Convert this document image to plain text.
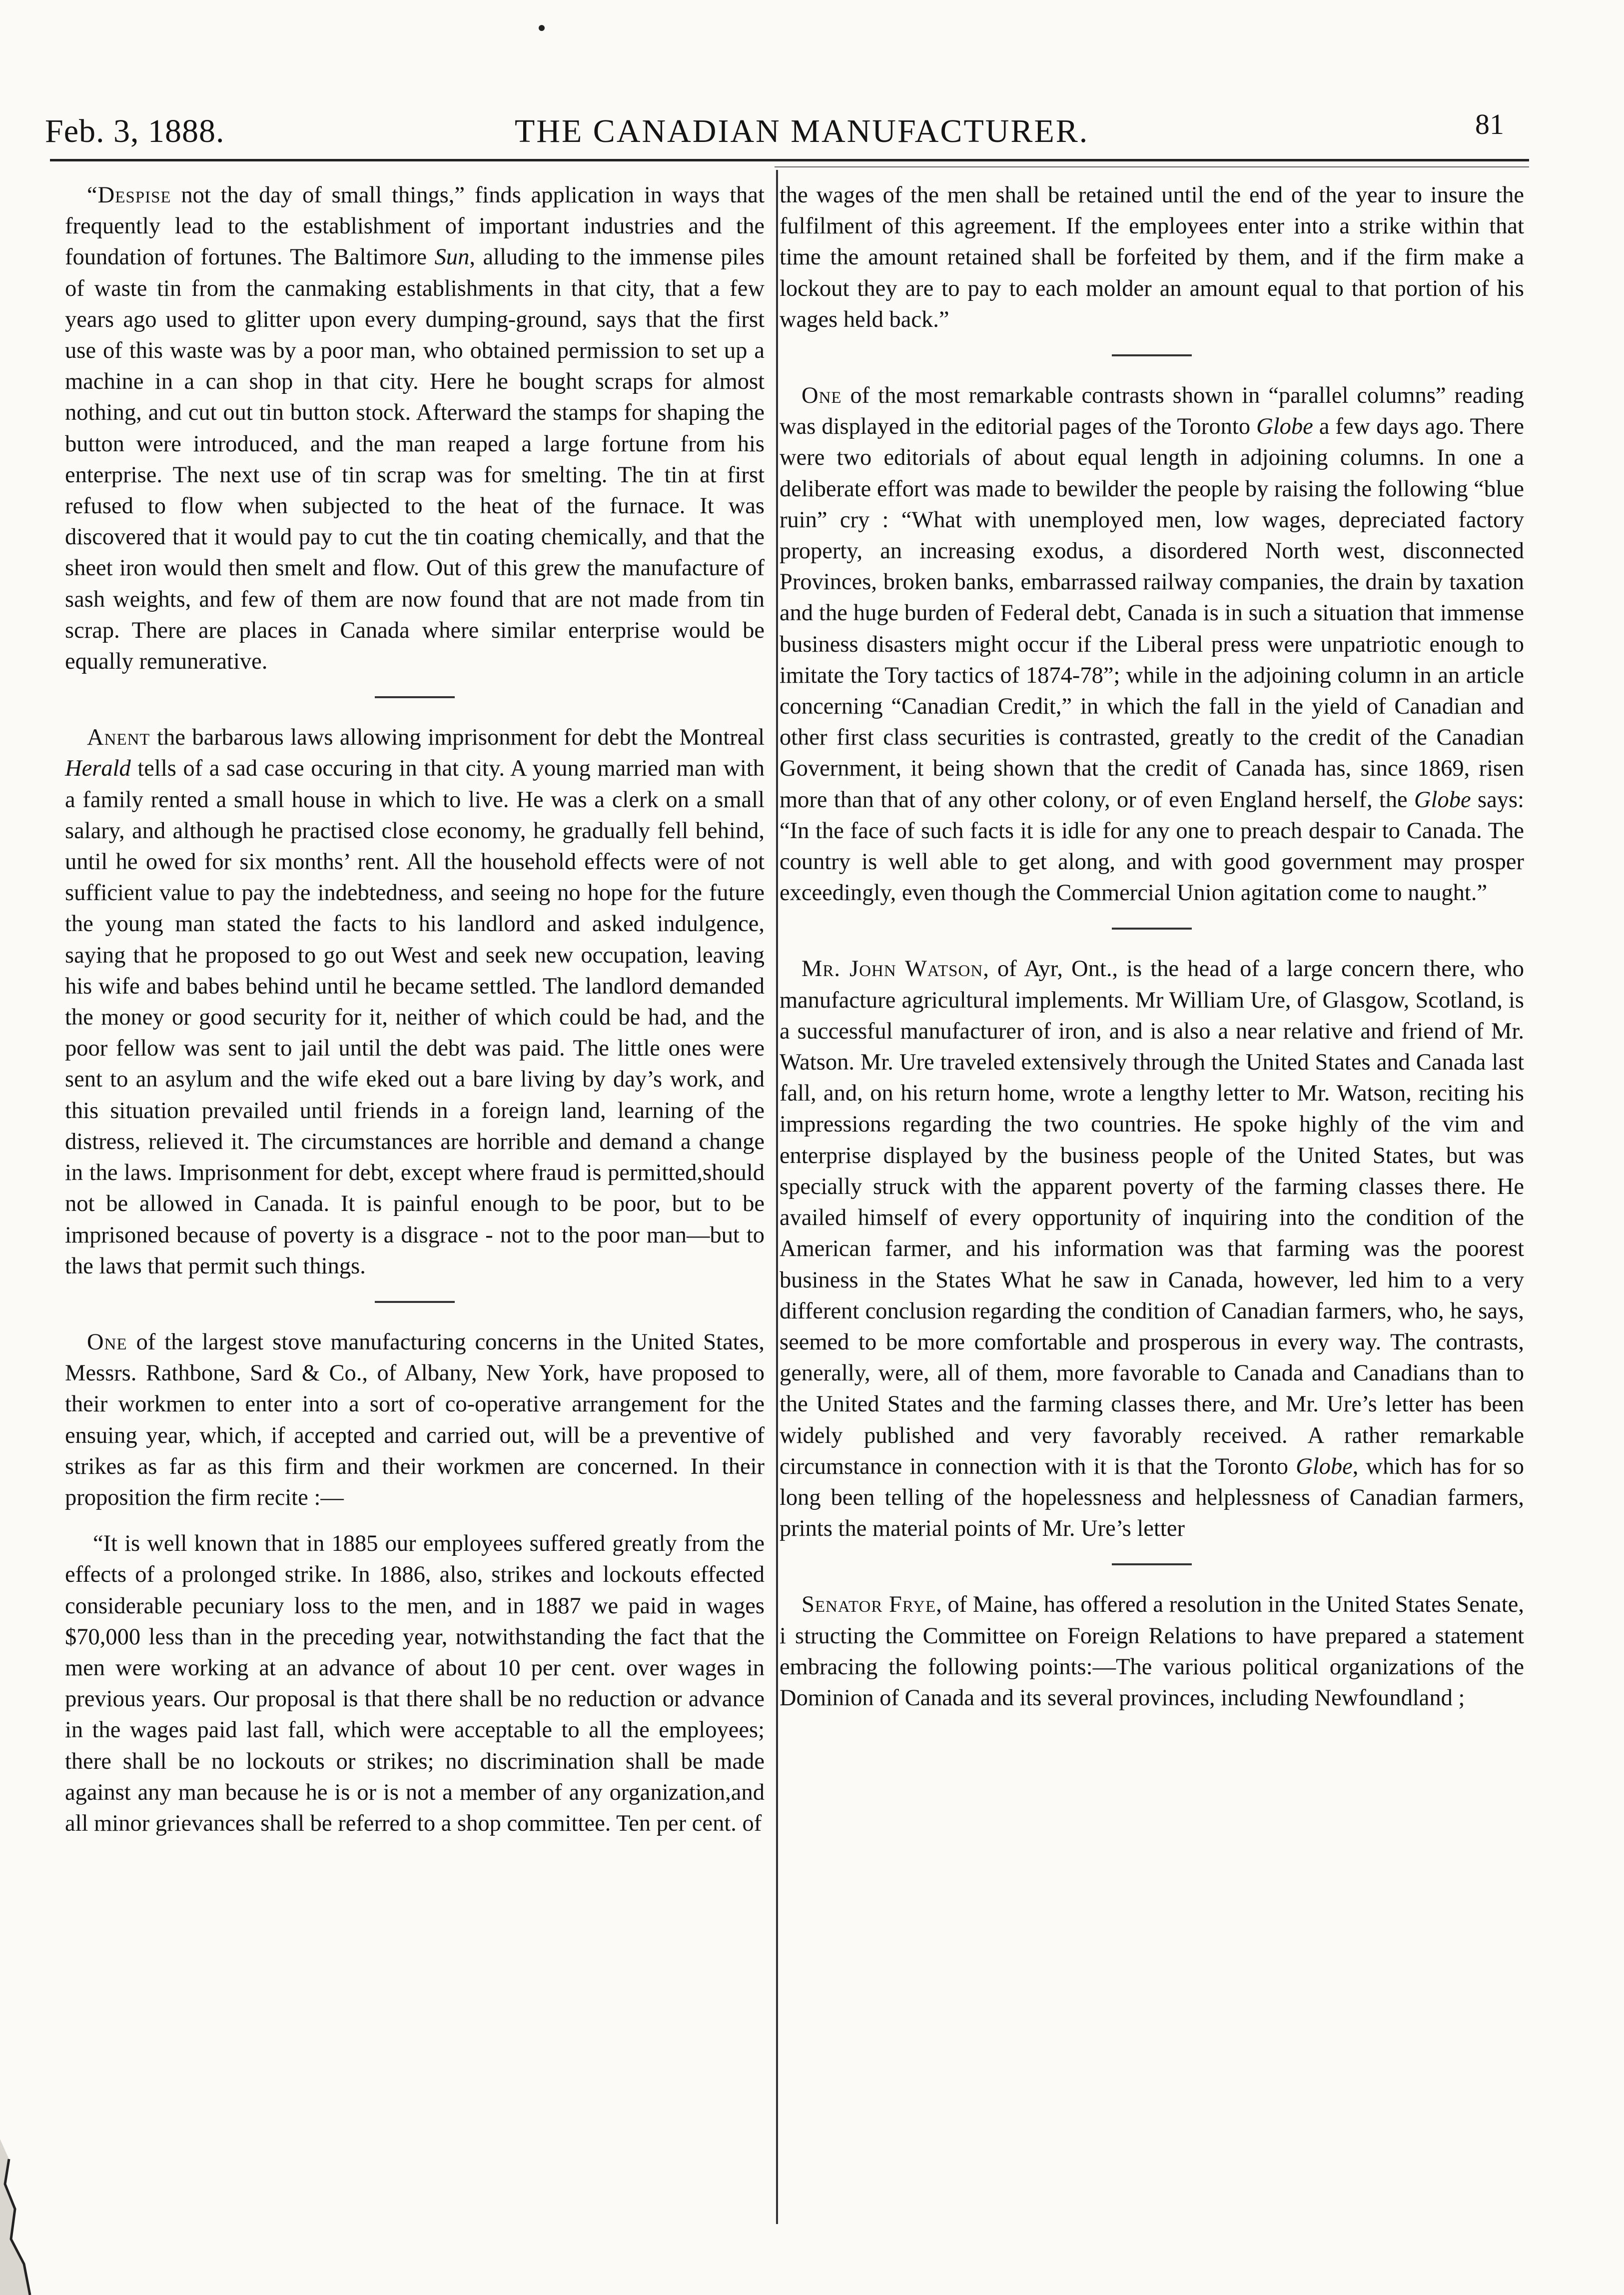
Feb. 3, 1888.	THE CANADIAN MANUFACTURER.	81

“Despise not the day of small things,” finds application in ways that frequently lead to the establishment of important industries and the foundation of fortunes. The Baltimore Sun, alluding to the immense piles of waste tin from the canmaking establishments in that city, that a few years ago used to glitter upon every dumping-ground, says that the first use of this waste was by a poor man, who obtained permission to set up a machine in a can shop in that city. Here he bought scraps for almost nothing, and cut out tin button stock. Afterward the stamps for shaping the button were introduced, and the man reaped a large fortune from his enterprise. The next use of tin scrap was for smelting. The tin at first refused to flow when subjected to the heat of the furnace. It was discovered that it would pay to cut the tin coating chemically, and that the sheet iron would then smelt and flow. Out of this grew the manufacture of sash weights, and few of them are now found that are not made from tin scrap. There are places in Canada where similar enterprise would be equally remunerative.

Anent the barbarous laws allowing imprisonment for debt the Montreal Herald tells of a sad case occuring in that city. A young married man with a family rented a small house in which to live. He was a clerk on a small salary, and although he practised close economy, he gradually fell behind, until he owed for six months’ rent. All the household effects were of not sufficient value to pay the indebtedness, and seeing no hope for the future the young man stated the facts to his landlord and asked indulgence, saying that he proposed to go out West and seek new occupation, leaving his wife and babes behind until he became settled. The landlord demanded the money or good security for it, neither of which could be had, and the poor fellow was sent to jail until the debt was paid. The little ones were sent to an asylum and the wife eked out a bare living by day’s work, and this situation prevailed until friends in a foreign land, learning of the distress, relieved it. The circumstances are horrible and demand a change in the laws. Imprisonment for debt, except where fraud is permitted,should not be allowed in Canada. It is painful enough to be poor, but to be imprisoned because of poverty is a disgrace - not to the poor man—but to the laws that permit such things.

One of the largest stove manufacturing concerns in the United States, Messrs. Rathbone, Sard & Co., of Albany, New York, have proposed to their workmen to enter into a sort of co-operative arrangement for the ensuing year, which, if accepted and carried out, will be a preventive of strikes as far as this firm and their workmen are concerned. In their proposition the firm recite :—

“It is well known that in 1885 our employees suffered greatly from the effects of a prolonged strike. In 1886, also, strikes and lockouts effected considerable pecuniary loss to the men, and in 1887 we paid in wages $70,000 less than in the preceding year, notwithstanding the fact that the men were working at an advance of about 10 per cent. over wages in previous years. Our proposal is that there shall be no reduction or advance in the wages paid last fall, which were acceptable to all the employees; there shall be no lockouts or strikes; no discrimination shall be made against any man because he is or is not a member of any organization,and all minor grievances shall be referred to a shop committee. Ten per cent. of

the wages of the men shall be retained until the end of the year to insure the fulfilment of this agreement. If the employees enter into a strike within that time the amount retained shall be forfeited by them, and if the firm make a lockout they are to pay to each molder an amount equal to that portion of his wages held back.”

One of the most remarkable contrasts shown in “parallel columns” reading was displayed in the editorial pages of the Toronto Globe a few days ago. There were two editorials of about equal length in adjoining columns. In one a deliberate effort was made to bewilder the people by raising the following “blue ruin” cry : “What with unemployed men, low wages, depreciated factory property, an increasing exodus, a disordered North west, disconnected Provinces, broken banks, embarrassed railway companies, the drain by taxation and the huge burden of Federal debt, Canada is in such a situation that immense business disasters might occur if the Liberal press were unpatriotic enough to imitate the Tory tactics of 1874-78”; while in the adjoining column in an article concerning “Canadian Credit,” in which the fall in the yield of Canadian and other first class securities is contrasted, greatly to the credit of the Canadian Government, it being shown that the credit of Canada has, since 1869, risen more than that of any other colony, or of even England herself, the Globe says: “In the face of such facts it is idle for any one to preach despair to Canada. The country is well able to get along, and with good government may prosper exceedingly, even though the Commercial Union agitation come to naught.”

Mr. John Watson, of Ayr, Ont., is the head of a large concern there, who manufacture agricultural implements. Mr William Ure, of Glasgow, Scotland, is a successful manufacturer of iron, and is also a near relative and friend of Mr. Watson. Mr. Ure traveled extensively through the United States and Canada last fall, and, on his return home, wrote a lengthy letter to Mr. Watson, reciting his impressions regarding the two countries. He spoke highly of the vim and enterprise displayed by the business people of the United States, but was specially struck with the apparent poverty of the farming classes there. He availed himself of every opportunity of inquiring into the condition of the American farmer, and his information was that farming was the poorest business in the States What he saw in Canada, however, led him to a very different conclusion regarding the condition of Canadian farmers, who, he says, seemed to be more comfortable and prosperous in every way. The contrasts, generally, were, all of them, more favorable to Canada and Canadians than to the United States and the farming classes there, and Mr. Ure’s letter has been widely published and very favorably received. A rather remarkable circumstance in connection with it is that the Toronto Globe, which has for so long been telling of the hopelessness and helplessness of Canadian farmers, prints the material points of Mr. Ure’s letter

Senator Frye, of Maine, has offered a resolution in the United States Senate, i structing the Committee on Foreign Relations to have prepared a statement embracing the following points:—The various political organizations of the Dominion of Canada and its several provinces, including Newfoundland ;
